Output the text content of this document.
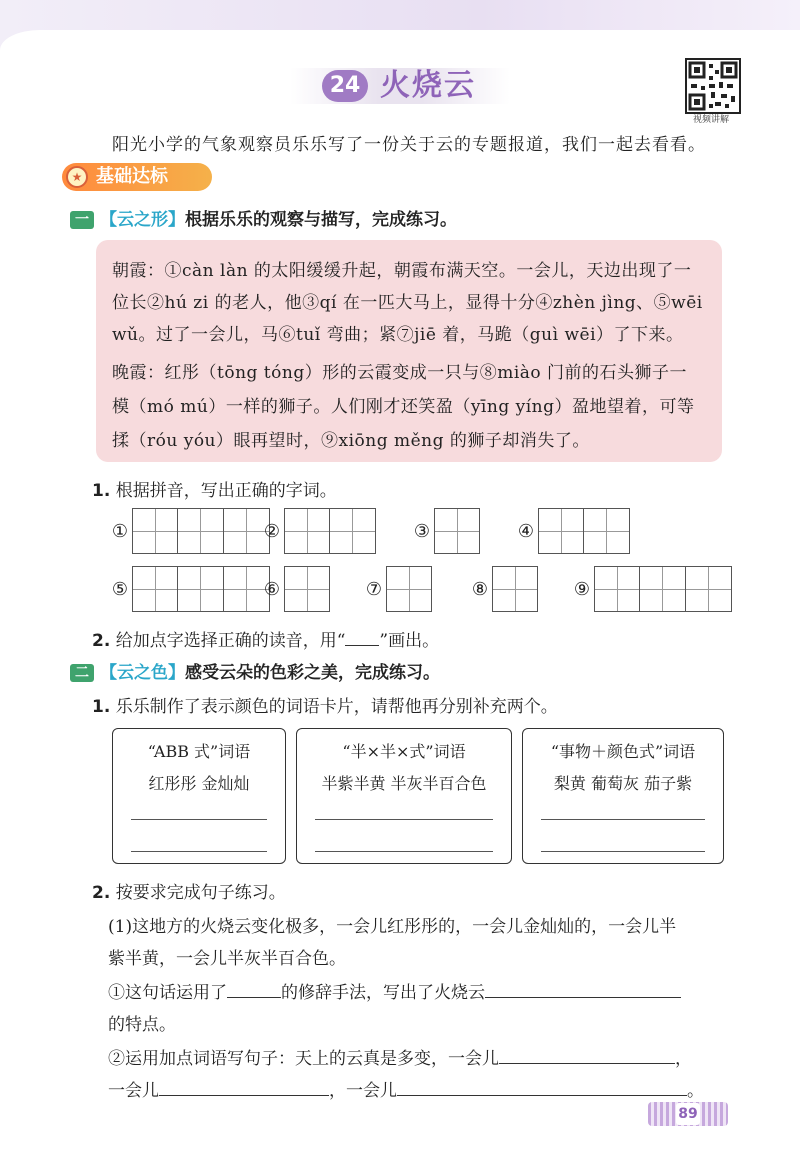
24 火烧云
视频讲解
阳光小学的气象观察员乐乐写了一份关于云的专题报道，我们一起去看看。
基础达标
★
一 【云之形】根据乐乐的观察与描写，完成练习。
朝霞：①càn làn 的太阳缓缓升起，朝霞布满天空。一会儿，天边出现了一
位长②hú zi 的老人，他③qí 在一匹大马上，显得十分④zhèn jìng、⑤wēi
wǔ。过了一会儿，马⑥tuǐ 弯曲；紧⑦jiē 着，马跪（guì wēi）了下来。
晚霞：红彤（tōng tóng）形的云霞变成一只与⑧miào 门前的石头狮子一
模（mó mú）一样的狮子。人们刚才还笑盈（yīng yíng）盈地望着，可等
揉（róu yóu）眼再望时，⑨xiōng měng 的狮子却消失了。
1. 根据拼音，写出正确的字词。
①	②	③	④
⑤	⑥	⑦	⑧	⑨
2. 给加点字选择正确的读音，用“ ”画出。
二 【云之色】感受云朵的色彩之美，完成练习。
1. 乐乐制作了表示颜色的词语卡片，请帮他再分别补充两个。
“ABB 式”词语
红彤彤 金灿灿
“半×半×式”词语
半紫半黄 半灰半百合色
“事物＋颜色式”词语
梨黄 葡萄灰 茄子紫
2. 按要求完成句子练习。
(1)这地方的火烧云变化极多，一会儿红彤彤的，一会儿金灿灿的，一会儿半
紫半黄，一会儿半灰半百合色。
①这句话运用了	的修辞手法，写出了火烧云
的特点。
②运用加点词语写句子：天上的云真是多变，一会儿	，
一会儿	，一会儿	。
89
